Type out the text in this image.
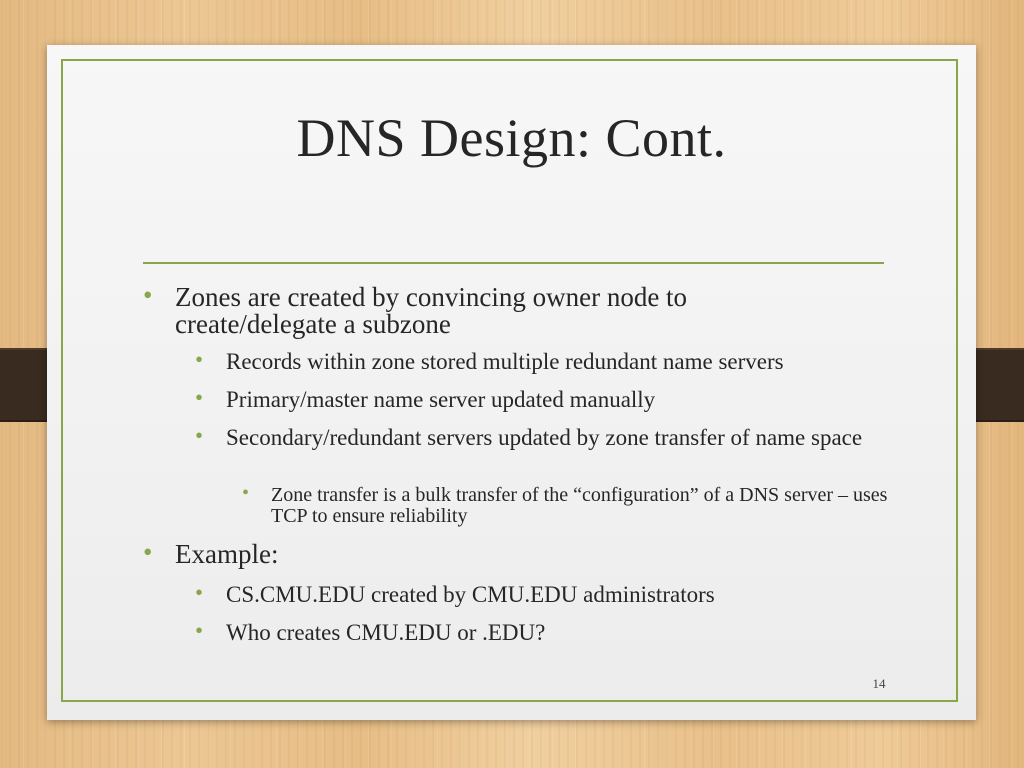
DNS Design: Cont.
• Zones are created by convincing owner node to create/delegate a subzone
• Records within zone stored multiple redundant name servers
• Primary/master name server updated manually
• Secondary/redundant servers updated by zone transfer of name space
• Zone transfer is a bulk transfer of the “configuration” of a DNS server – uses TCP to ensure reliability
• Example:
• CS.CMU.EDU created by CMU.EDU administrators
• Who creates CMU.EDU or .EDU?
14
